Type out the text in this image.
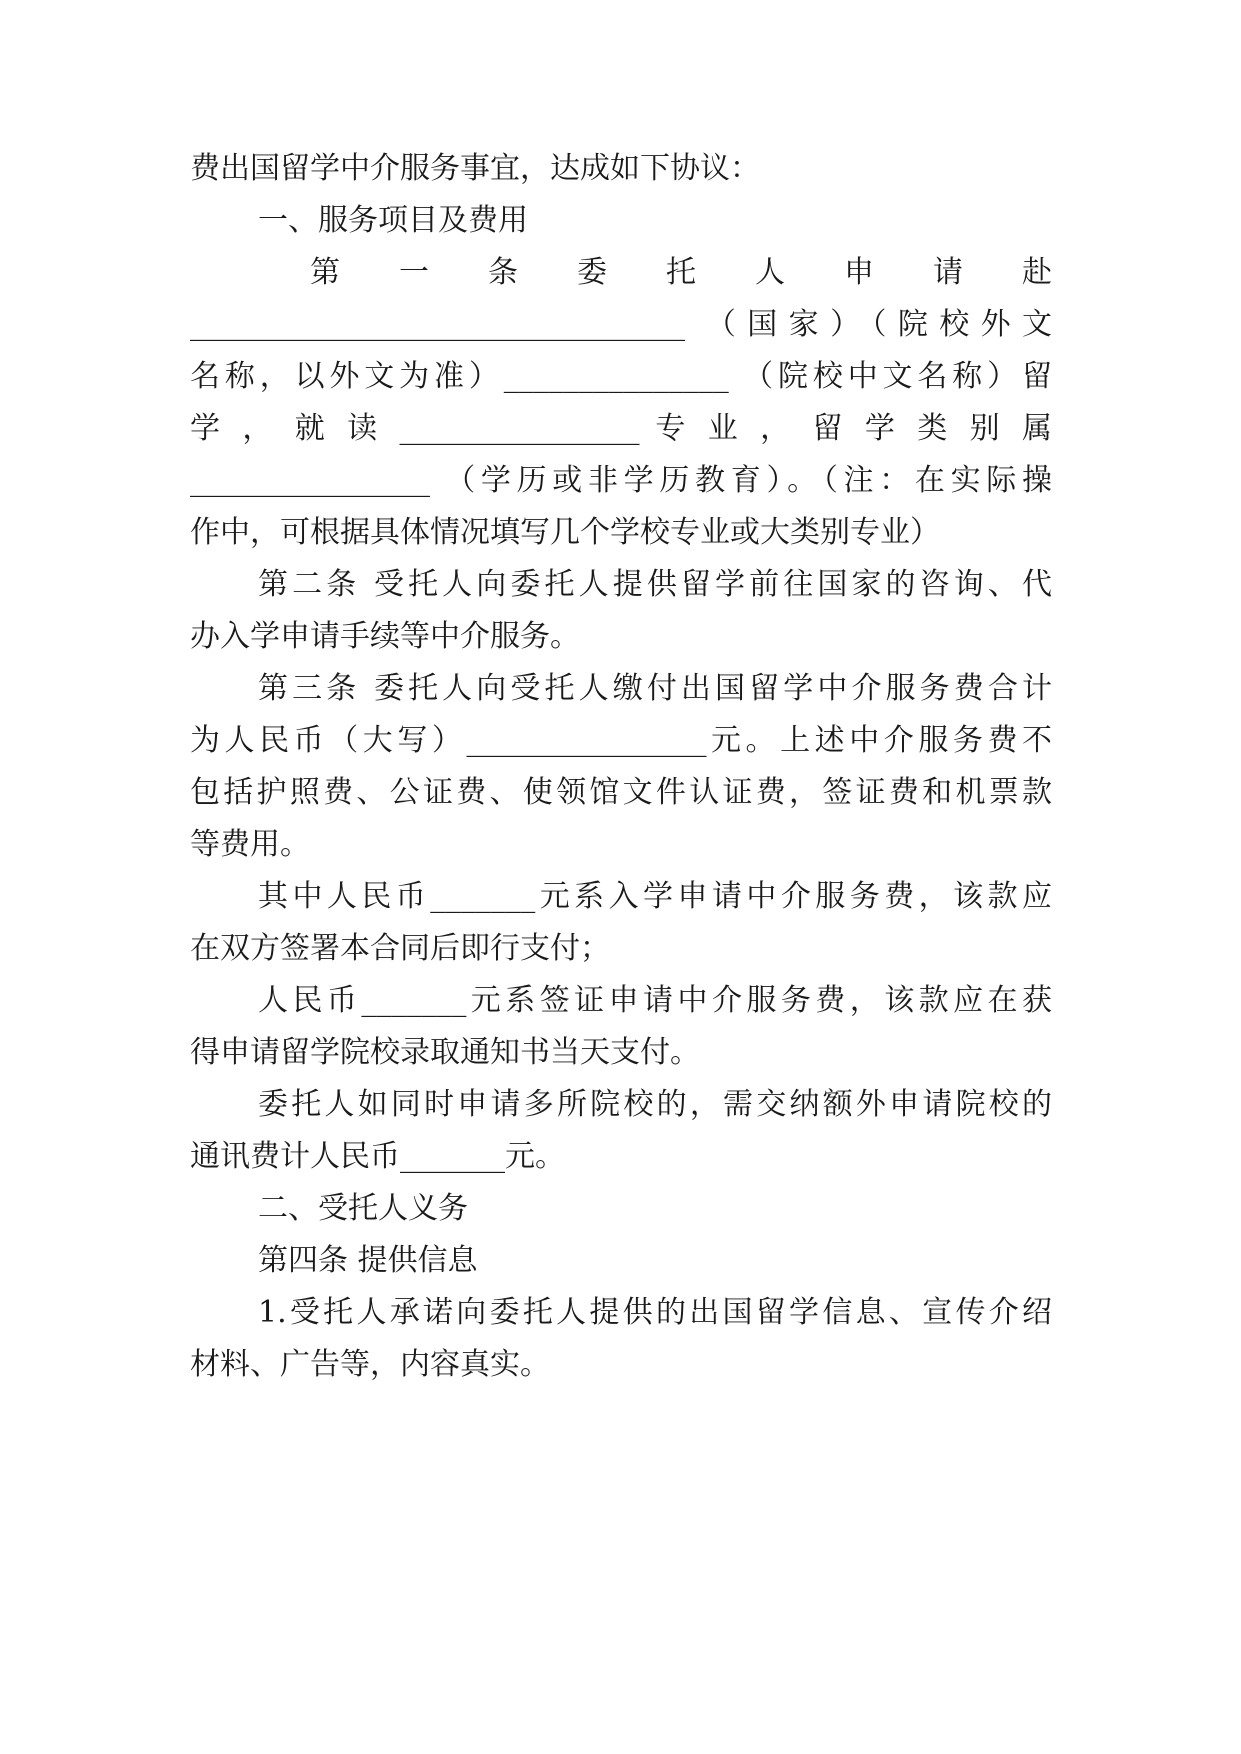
费出国留学中介服务事宜，达成如下协议：
一、服务项目及费用
第 一 条 委 托 人 申 请 赴
_________________________________ （国家）（院校外文
名称，以外文为准）_______________ （院校中文名称）留
学 ， 就 读 ________________ 专 业 ， 留 学 类 别 属
________________ （学历或非学历教育）。（注：在实际操
作中，可根据具体情况填写几个学校专业或大类别专业）
第二条 受托人向委托人提供留学前往国家的咨询、代
办入学申请手续等中介服务。
第三条 委托人向受托人缴付出国留学中介服务费合计
为人民币（大写）________________元。上述中介服务费不
包括护照费、公证费、使领馆文件认证费，签证费和机票款
等费用。
其中人民币_______元系入学申请中介服务费，该款应
在双方签署本合同后即行支付；
人民币_______元系签证申请中介服务费，该款应在获
得申请留学院校录取通知书当天支付。
委托人如同时申请多所院校的，需交纳额外申请院校的
通讯费计人民币_______元。
二、受托人义务
第四条 提供信息
1.受托人承诺向委托人提供的出国留学信息、宣传介绍
材料、广告等，内容真实。
